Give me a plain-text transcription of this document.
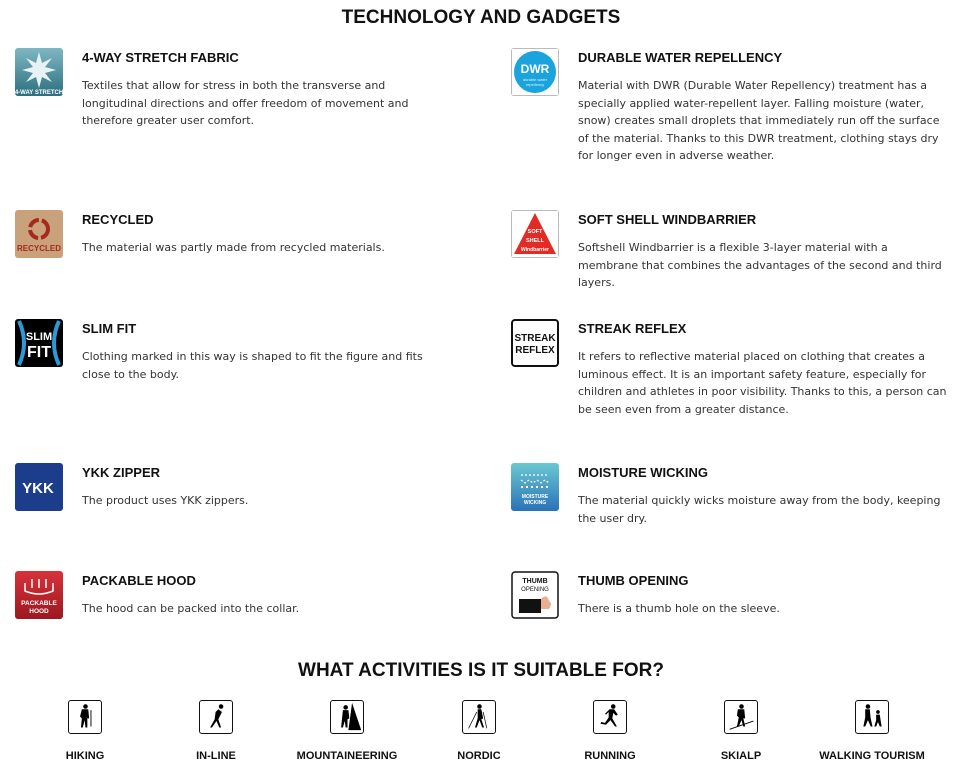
TECHNOLOGY AND GADGETS
4-WAY STRETCH
4-WAY STRETCH FABRIC
Textiles that allow for stress in both the transverse and longitudinal directions and offer freedom of movement and therefore greater user comfort.
RECYCLED
RECYCLED
The material was partly made from recycled materials.
SLIM
FIT
SLIM FIT
Clothing marked in this way is shaped to fit the figure and fits close to the body.
YKK
YKK ZIPPER
The product uses YKK zippers.
PACKABLE
HOOD
PACKABLE HOOD
The hood can be packed into the collar.
DWR
durable water
repellency
DURABLE WATER REPELLENCY
Material with DWR (Durable Water Repellency) treatment has a specially applied water-repellent layer. Falling moisture (water, snow) creates small droplets that immediately run off the surface of the material. Thanks to this DWR treatment, clothing stays dry for longer even in adverse weather.
SOFT
SHELL
Windbarrier
SOFT SHELL WINDBARRIER
Softshell Windbarrier is a flexible 3-layer material with a membrane that combines the advantages of the second and third layers.
STREAK
REFLEX
STREAK REFLEX
It refers to reflective material placed on clothing that creates a luminous effect. It is an important safety feature, especially for children and athletes in poor visibility. Thanks to this, a person can be seen even from a greater distance.
MOISTURE
WICKING
MOISTURE WICKING
The material quickly wicks moisture away from the body, keeping the user dry.
THUMB
OPENING
THUMB OPENING
There is a thumb hole on the sleeve.
WHAT ACTIVITIES IS IT SUITABLE FOR?
HIKING	IN-LINE	MOUNTAINEERING	NORDIC	RUNNING	SKIALP	WALKING TOURISM
